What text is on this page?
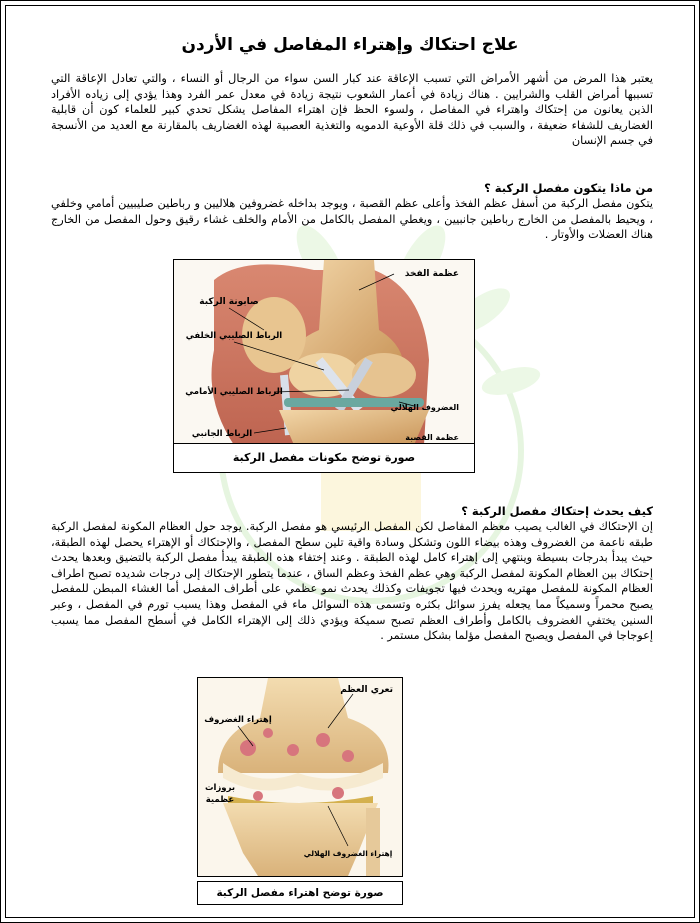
علاج احتكاك وإهتراء المفاصل في الأردن
يعتبر هذا المرض من أشهر الأمراض التي تسبب الإعاقة عند كبار السن سواء من الرجال أو النساء ، والتي تعادل الإعاقة التي تسببها أمراض القلب والشرايين . هناك زيادة في أعمار الشعوب نتيجة زيادة في معدل عمر الفرد وهذا يؤدي إلى زياده الأفراد الذين يعانون من إحتكاك واهتراء في المفاصل ، ولسوء الحظ فإن اهتراء المفاصل يشكل تحدي كبير للعلماء كون أن قابلية الغضاريف للشفاء ضعيفة ، والسبب في ذلك قلة الأوعية الدمويه والتغذية العصبية لهذه الغضاريف بالمقارنة مع العديد من الأنسجة في جسم الإنسان
من ماذا يتكون مفصل الركبة ؟
يتكون مفصل الركبة من أسفل عظم الفخذ وأعلى عظم القصبة ، ويوجد بداخله غضروفين هلاليين و رباطين صليبيين أمامي وخلفي ، ويحيط بالمفصل من الخارج رباطين جانبيين ، ويغطي المفصل بالكامل من الأمام والخلف غشاء رقيق وحول المفصل من الخارج هناك العضلات والأوتار .
عظمة الفخذ
صابونة الركبة
الرباط الصليبي الخلفي
الرباط الصليبي الأمامي
الرباط الجانبي
الغضروف الهلالي
عظمة القصبة
صورة توضح مكونات مفصل الركبة
كيف يحدث إحتكاك مفصل الركبة ؟
إن الإحتكاك في الغالب يصيب معظم المفاصل لكن المفصل الرئيسي هو مفصل الركبة. يوجد حول العظام المكونة لمفصل الركبة طبقه ناعمة من الغضروف وهذه بيضاء اللون وتشكل وسادة واقية تلين سطح المفصل ، والإحتكاك أو الإهتراء يحصل لهذه الطبقة، حيث يبدأ بدرجات بسيطة وينتهي إلى إهتراء كامل لهذه الطبقة . وعند إختفاء هذه الطبقة يبدأ مفصل الركبة بالتضيق وبعدها يحدث إحتكاك بين العظام المكونة لمفصل الركبة وهي عظم الفخذ وعظم الساق ، عندما يتطور الإحتكاك إلى درجات شديده تصبح اطراف العظام المكونة للمفصل مهتريه ويحدث فيها تجويفات وكذلك يحدث نمو عظمي على أطراف المفصل أما الغشاء المبطن للمفصل يصبح محمراً وسميكاً مما يجعله يفرز سوائل بكثره وتسمى هذه السوائل ماء في المفصل وهذا يسبب تورم في المفصل ، وعبر السنين يختفي الغضروف بالكامل وأطراف العظم تصبح سميكة ويؤدي ذلك إلى الإهتراء الكامل في أسطح المفصل مما يسبب إعوجاجا في المفصل ويصبح المفصل مؤلما بشكل مستمر .
تعري العظم
إهتراء الغضروف
بروزات
عظمية
إهتراء الغضروف الهلالي
صورة توضح اهتراء مفصل الركبة
